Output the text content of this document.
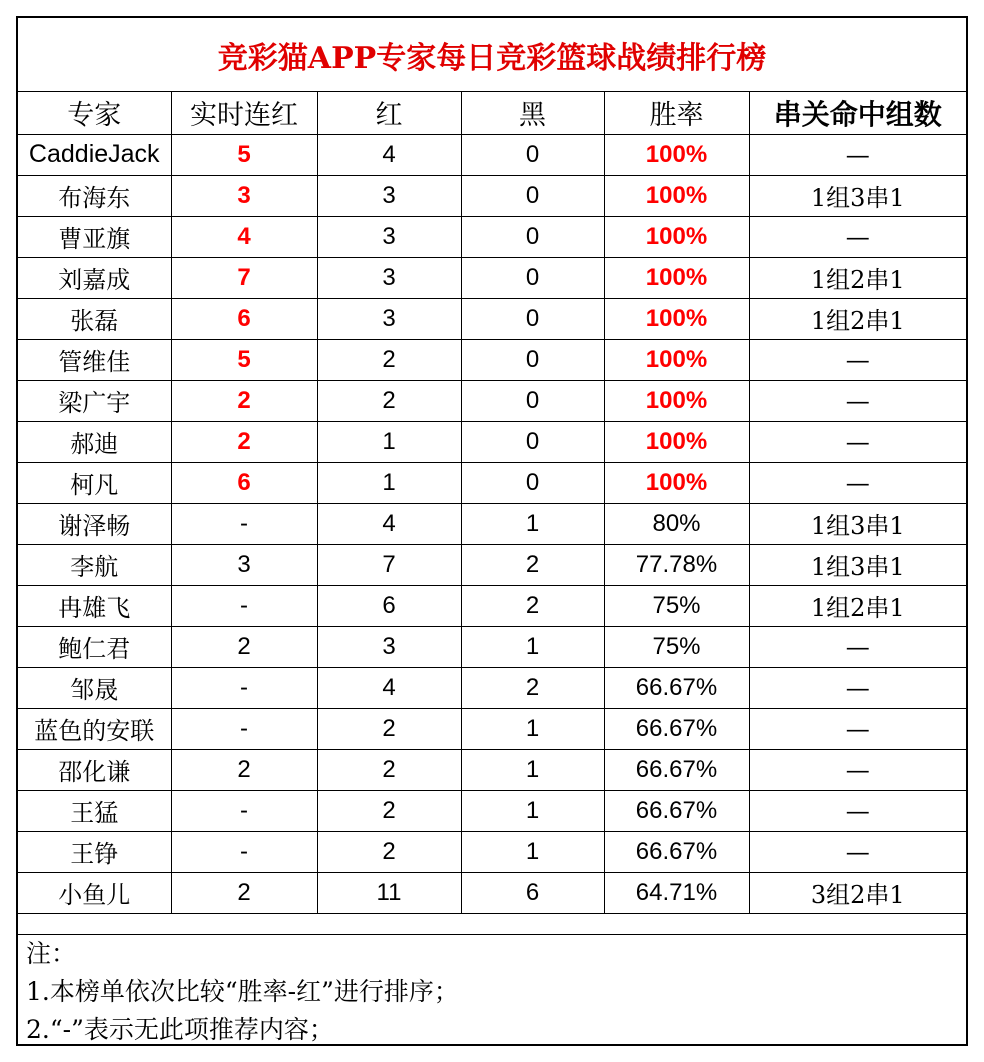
竞彩猫APP专家每日竞彩篮球战绩排行榜
专家	实时连红	红	黑	胜率	串关命中组数
CaddieJack	5	4	0	100%	—
布海东	3	3	0	100%	1组3串1
曹亚旗	4	3	0	100%	—
刘嘉成	7	3	0	100%	1组2串1
张磊	6	3	0	100%	1组2串1
管维佳	5	2	0	100%	—
梁广宇	2	2	0	100%	—
郝迪	2	1	0	100%	—
柯凡	6	1	0	100%	—
谢泽畅	-	4	1	80%	1组3串1
李航	3	7	2	77.78%	1组3串1
冉雄飞	-	6	2	75%	1组2串1
鲍仁君	2	3	1	75%	—
邹晟	-	4	2	66.67%	—
蓝色的安联	-	2	1	66.67%	—
邵化谦	2	2	1	66.67%	—
王猛	-	2	1	66.67%	—
王铮	-	2	1	66.67%	—
小鱼儿	2	11	6	64.71%	3组2串1
注：
1.本榜单依次比较“胜率-红”进行排序；
2.“-”表示无此项推荐内容；
